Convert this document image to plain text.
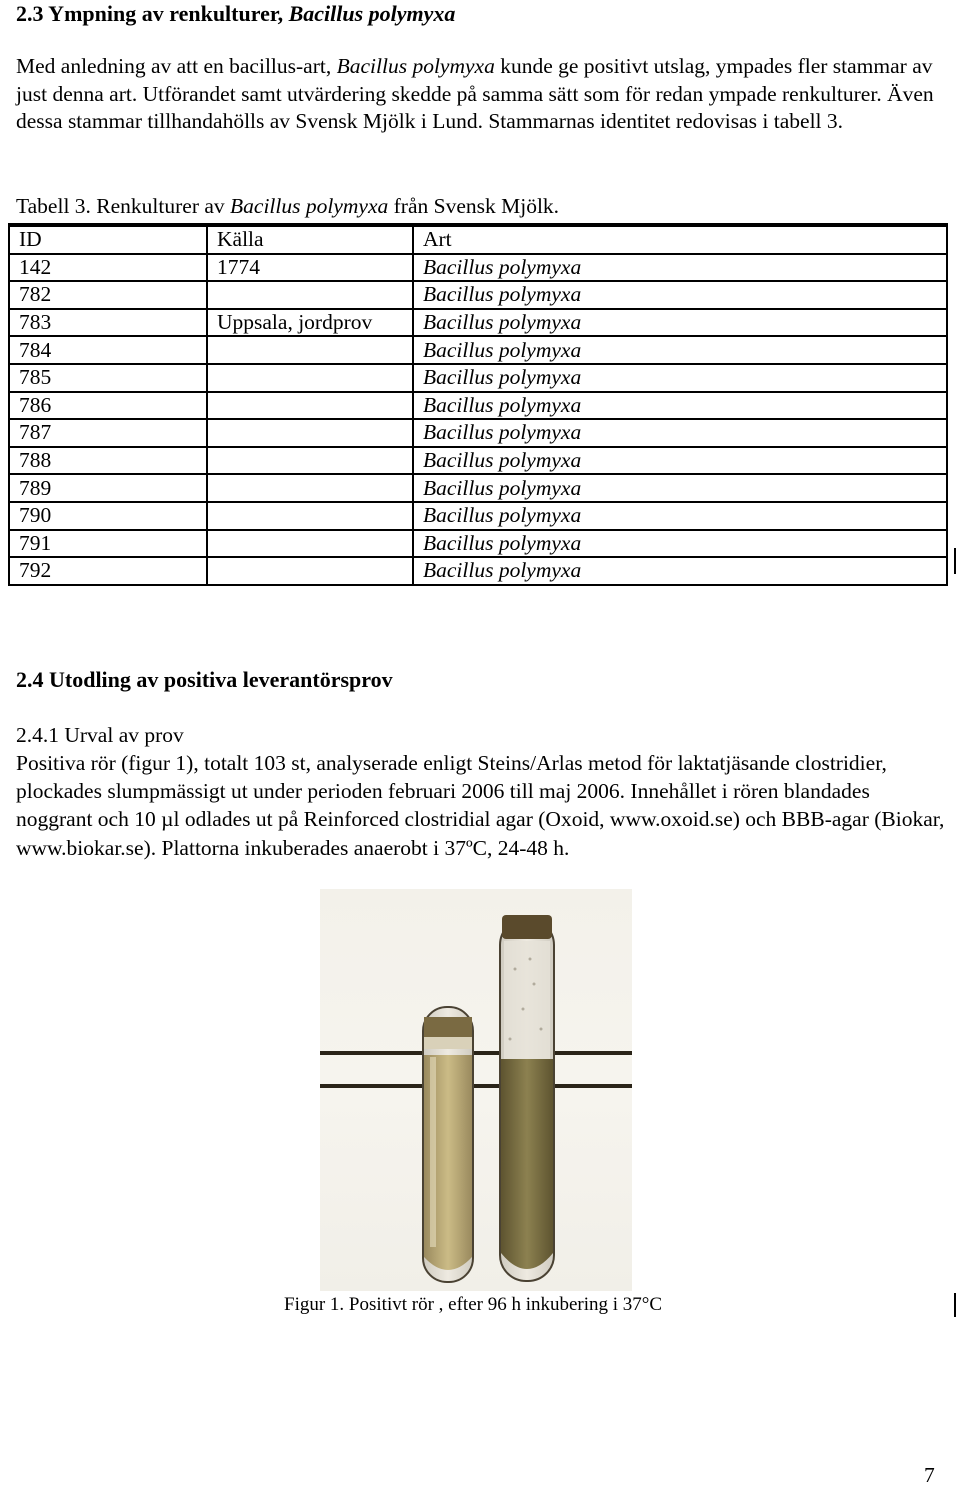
2.3 Ympning av renkulturer, Bacillus polymyxa
Med anledning av att en bacillus-art, Bacillus polymyxa kunde ge positivt utslag, ympades fler stammar av just denna art. Utförandet samt utvärdering skedde på samma sätt som för redan ympade renkulturer. Även dessa stammar tillhandahölls av Svensk Mjölk i Lund. Stammarnas identitet redovisas i tabell 3.
Tabell 3. Renkulturer av Bacillus polymyxa från Svensk Mjölk.
ID	Källa	Art
142	1774	Bacillus polymyxa
782		Bacillus polymyxa
783	Uppsala, jordprov	Bacillus polymyxa
784		Bacillus polymyxa
785		Bacillus polymyxa
786		Bacillus polymyxa
787		Bacillus polymyxa
788		Bacillus polymyxa
789		Bacillus polymyxa
790		Bacillus polymyxa
791		Bacillus polymyxa
792		Bacillus polymyxa
2.4 Utodling av positiva leverantörsprov
2.4.1 Urval av prov
Positiva rör (figur 1), totalt 103 st, analyserade enligt Steins/Arlas metod för laktatjäsande clostridier, plockades slumpmässigt ut under perioden februari 2006 till maj 2006. Innehållet i rören blandades noggrant och 10 µl odlades ut på Reinforced clostridial agar (Oxoid, www.oxoid.se) och BBB-agar (Biokar, www.biokar.se). Plattorna inkuberades anaerobt i 37ºC, 24-48 h.
Figur 1. Positivt rör , efter 96 h inkubering i 37°C
7
